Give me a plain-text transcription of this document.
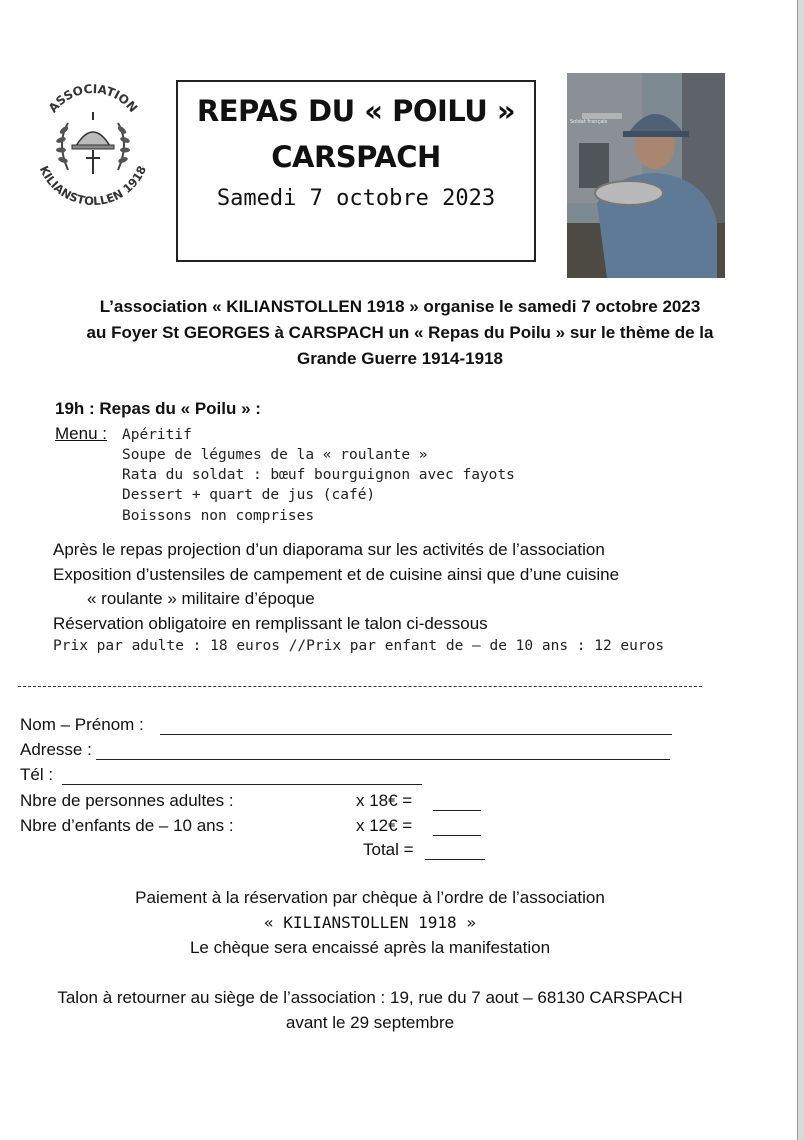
ASSOCIATION
KILIANSTOLLEN 1918
REPAS DU « POILU »
CARSPACH
Samedi 7 octobre 2023
Soldat français
L’association « KILIANSTOLLEN 1918 » organise le samedi 7 octobre 2023
au Foyer St GEORGES à CARSPACH un « Repas du Poilu » sur le thème de la
Grande Guerre 1914-1918
19h : Repas du « Poilu » :
Menu : Apéritif
Soupe de légumes de la « roulante »
Rata du soldat : bœuf bourguignon avec fayots
Dessert + quart de jus (café)
Boissons non comprises
Après le repas projection d’un diaporama sur les activités de l’association
Exposition d’ustensiles de campement et de cuisine ainsi que d’une cuisine
« roulante » militaire d’époque
Réservation obligatoire en remplissant le talon ci-dessous
Prix par adulte : 18 euros //Prix par enfant de – de 10 ans : 12 euros
Nom – Prénom :
Adresse :
Tél :
Nbre de personnes adultes :	x 18€ =
Nbre d’enfants de – 10 ans :	x 12€ =
Total =
Paiement à la réservation par chèque à l’ordre de l’association
« KILIANSTOLLEN 1918 »
Le chèque sera encaissé après la manifestation
Talon à retourner au siège de l’association : 19, rue du 7 aout – 68130 CARSPACH
avant le 29 septembre
